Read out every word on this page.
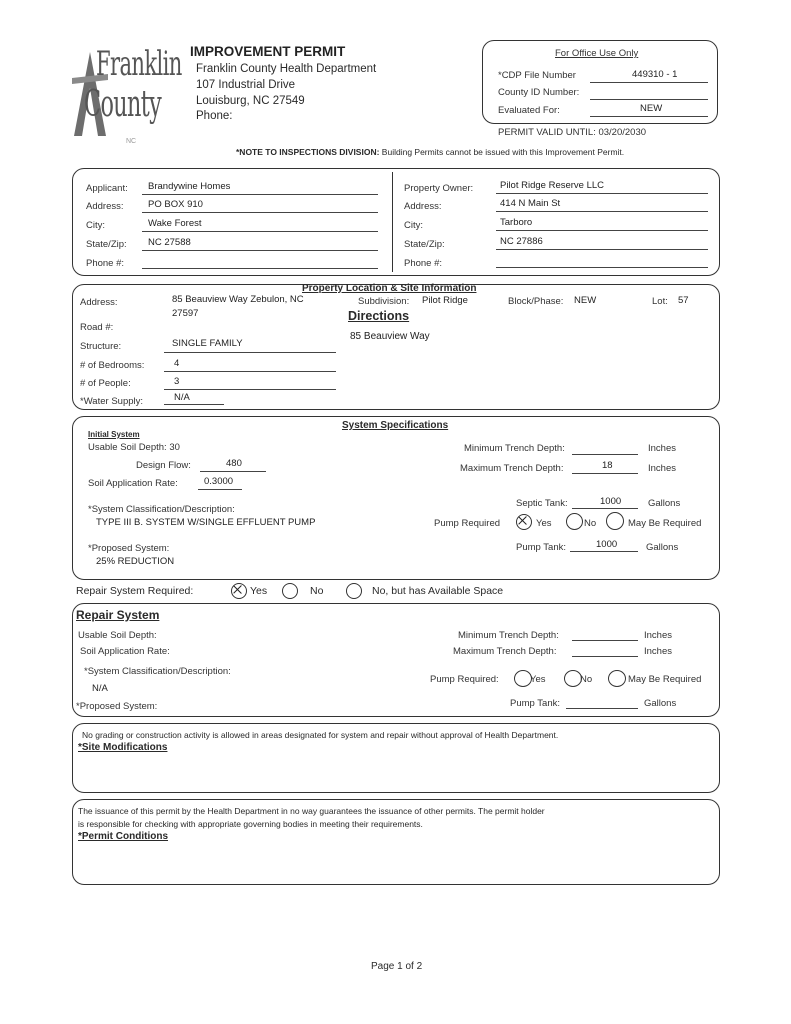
Franklin
County
NC
IMPROVEMENT PERMIT
Franklin County Health Department
107 Industrial Drive
Louisburg, NC 27549
Phone:
For Office Use Only
*CDP File Number	449310 - 1
County ID Number:
Evaluated For:	NEW
PERMIT VALID UNTIL: 03/20/2030
*NOTE TO INSPECTIONS DIVISION: Building Permits cannot be issued with this Improvement Permit.
Applicant: Brandywine Homes
Address:	PO BOX 910
City:	Wake Forest
State/Zip: NC 27588
Phone #:
Property Owner:	Pilot Ridge Reserve LLC
Address:	414 N Main St
City:	Tarboro
State/Zip:	NC 27886
Phone #:
Property Location & Site Information
Address:	85 Beauview Way Zebulon, NC
27597
Subdivision: Pilot Ridge	Block/Phase: NEW	Lot: 57
Directions
85 Beauview Way
Road #:
Structure:	SINGLE FAMILY
# of Bedrooms:	4
# of People:	3
*Water Supply:	N/A
System Specifications
Initial System
Usable Soil Depth: 30
Design Flow:	480
Soil Application Rate:	0.3000
Minimum Trench Depth:	Inches
Maximum Trench Depth:	18	Inches
Septic Tank:	1000	Gallons
*System Classification/Description:
TYPE III B. SYSTEM W/SINGLE EFFLUENT PUMP	Pump Required	Yes	No	May Be Required
*Proposed System:
25% REDUCTION
Pump Tank:	1000	Gallons
Repair System Required:	Yes	No	No, but has Available Space
Repair System
Usable Soil Depth:
Soil Application Rate:
Minimum Trench Depth:	Inches
Maximum Trench Depth:	Inches
*System Classification/Description:
N/A
Pump Required:	Yes	No	May Be Required
*Proposed System:	Pump Tank:	Gallons
No grading or construction activity is allowed in areas designated for system and repair without approval of Health Department.
*Site Modifications
The issuance of this permit by the Health Department in no way guarantees the issuance of other permits. The permit holder
is responsible for checking with appropriate governing bodies in meeting their requirements.
*Permit Conditions
Page 1 of 2
